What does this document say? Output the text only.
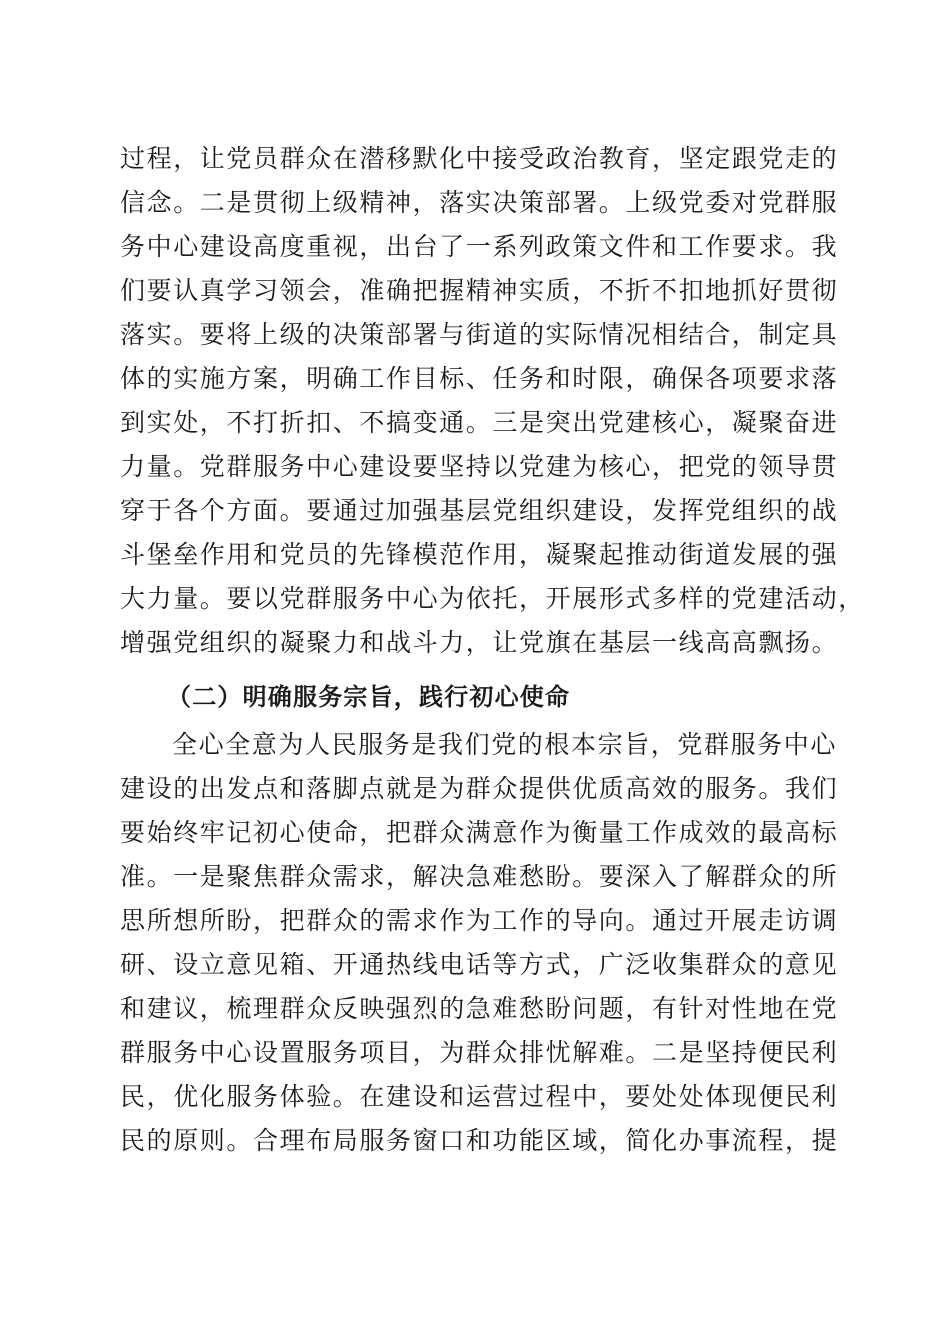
过程，让党员群众在潜移默化中接受政治教育，坚定跟党走的
信念。二是贯彻上级精神，落实决策部署。上级党委对党群服
务中心建设高度重视，出台了一系列政策文件和工作要求。我
们要认真学习领会，准确把握精神实质，不折不扣地抓好贯彻
落实。要将上级的决策部署与街道的实际情况相结合，制定具
体的实施方案，明确工作目标、任务和时限，确保各项要求落
到实处，不打折扣、不搞变通。三是突出党建核心，凝聚奋进
力量。党群服务中心建设要坚持以党建为核心，把党的领导贯
穿于各个方面。要通过加强基层党组织建设，发挥党组织的战
斗堡垒作用和党员的先锋模范作用，凝聚起推动街道发展的强
大力量。要以党群服务中心为依托，开展形式多样的党建活动，
增强党组织的凝聚力和战斗力，让党旗在基层一线高高飘扬。
（二）明确服务宗旨，践行初心使命
全心全意为人民服务是我们党的根本宗旨，党群服务中心
建设的出发点和落脚点就是为群众提供优质高效的服务。我们
要始终牢记初心使命，把群众满意作为衡量工作成效的最高标
准。一是聚焦群众需求，解决急难愁盼。要深入了解群众的所
思所想所盼，把群众的需求作为工作的导向。通过开展走访调
研、设立意见箱、开通热线电话等方式，广泛收集群众的意见
和建议，梳理群众反映强烈的急难愁盼问题，有针对性地在党
群服务中心设置服务项目，为群众排忧解难。二是坚持便民利
民，优化服务体验。在建设和运营过程中，要处处体现便民利
民的原则。合理布局服务窗口和功能区域，简化办事流程，提
